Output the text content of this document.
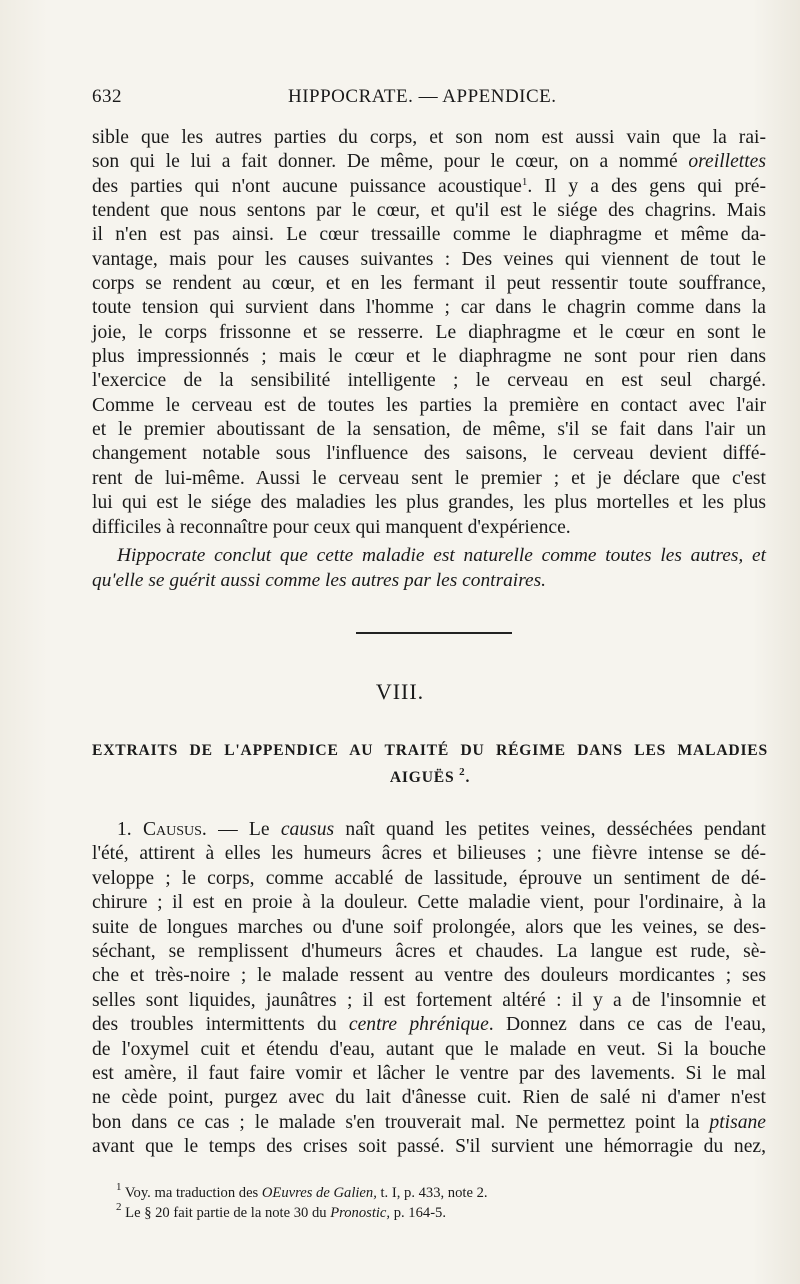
632	HIPPOCRATE. — APPENDICE.
sible que les autres parties du corps, et son nom est aussi vain que la rai-
son qui le lui a fait donner. De même, pour le cœur, on a nommé oreillettes
des parties qui n'ont aucune puissance acoustique$^1$. Il y a des gens qui pré-
tendent que nous sentons par le cœur, et qu'il est le siége des chagrins. Mais
il n'en est pas ainsi. Le cœur tressaille comme le diaphragme et même da-
vantage, mais pour les causes suivantes : Des veines qui viennent de tout le
corps se rendent au cœur, et en les fermant il peut ressentir toute souffrance,
toute tension qui survient dans l'homme ; car dans le chagrin comme dans la
joie, le corps frissonne et se resserre. Le diaphragme et le cœur en sont le
plus impressionnés ; mais le cœur et le diaphragme ne sont pour rien dans
l'exercice de la sensibilité intelligente ; le cerveau en est seul chargé.
Comme le cerveau est de toutes les parties la première en contact avec l'air
et le premier aboutissant de la sensation, de même, s'il se fait dans l'air un
changement notable sous l'influence des saisons, le cerveau devient diffé-
rent de lui-même. Aussi le cerveau sent le premier ; et je déclare que c'est
lui qui est le siége des maladies les plus grandes, les plus mortelles et les plus
difficiles à reconnaître pour ceux qui manquent d'expérience.
Hippocrate conclut que cette maladie est naturelle comme toutes les autres, et
qu'elle se guérit aussi comme les autres par les contraires.
VIII.
EXTRAITS DE L'APPENDICE AU TRAITÉ DU RÉGIME DANS LES MALADIES
AIGUËS $^2$.
1. Causus. — Le causus naît quand les petites veines, desséchées pendant
l'été, attirent à elles les humeurs âcres et bilieuses ; une fièvre intense se dé-
veloppe ; le corps, comme accablé de lassitude, éprouve un sentiment de dé-
chirure ; il est en proie à la douleur. Cette maladie vient, pour l'ordinaire, à la
suite de longues marches ou d'une soif prolongée, alors que les veines, se des-
séchant, se remplissent d'humeurs âcres et chaudes. La langue est rude, sè-
che et très-noire ; le malade ressent au ventre des douleurs mordicantes ; ses
selles sont liquides, jaunâtres ; il est fortement altéré : il y a de l'insomnie et
des troubles intermittents du centre phrénique. Donnez dans ce cas de l'eau,
de l'oxymel cuit et étendu d'eau, autant que le malade en veut. Si la bouche
est amère, il faut faire vomir et lâcher le ventre par des lavements. Si le mal
ne cède point, purgez avec du lait d'ânesse cuit. Rien de salé ni d'amer n'est
bon dans ce cas ; le malade s'en trouverait mal. Ne permettez point la ptisane
avant que le temps des crises soit passé. S'il survient une hémorragie du nez,
$^1$ Voy. ma traduction des OEuvres de Galien, t. I, p. 433, note 2.
$^2$ Le § 20 fait partie de la note 30 du Pronostic, p. 164-5.
